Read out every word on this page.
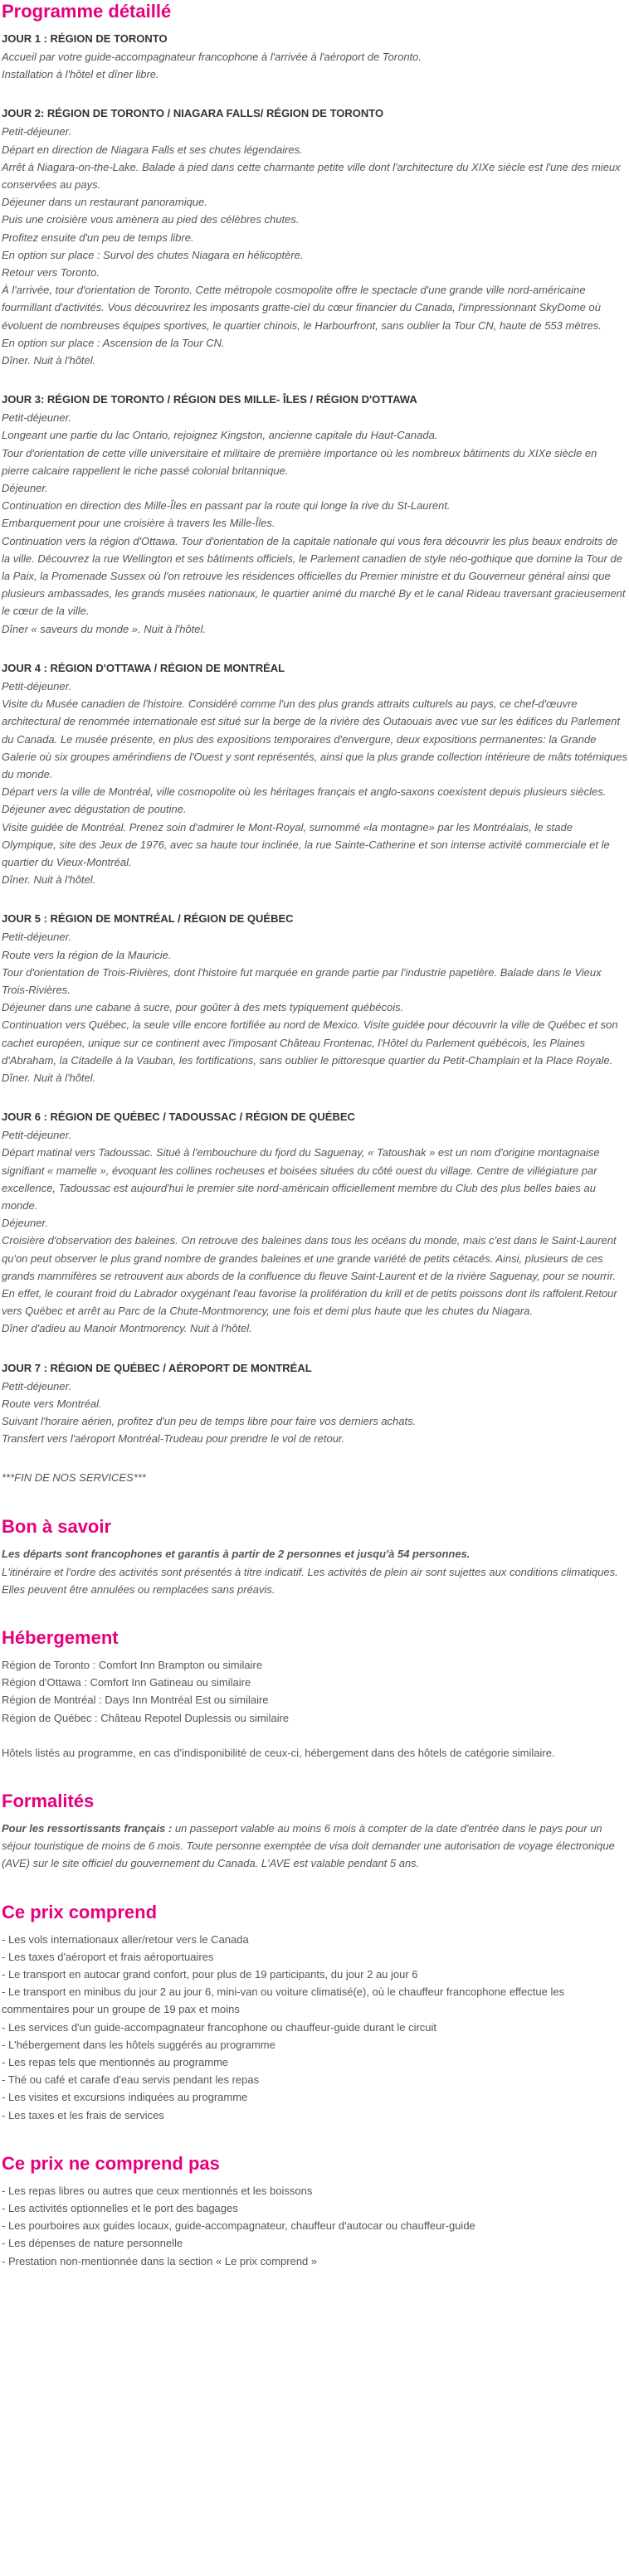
Programme détaillé
JOUR 1 : RÉGION DE TORONTO

Accueil par votre guide-accompagnateur francophone à l'arrivée à l'aéroport de Toronto.

Installation à l'hôtel et dîner libre.

JOUR 2: RÉGION DE TORONTO / NIAGARA FALLS/ RÉGION DE TORONTO

Petit-déjeuner.

Départ en direction de Niagara Falls et ses chutes légendaires.

Arrêt à Niagara-on-the-Lake. Balade à pied dans cette charmante petite ville dont l'architecture du XIXe siècle est l'une des mieux conservées au pays.

Déjeuner dans un restaurant panoramique.

Puis une croisière vous amènera au pied des célèbres chutes.

Profitez ensuite d'un peu de temps libre.

En option sur place : Survol des chutes Niagara en hélicoptère.

Retour vers Toronto.

À l'arrivée, tour d'orientation de Toronto. Cette métropole cosmopolite offre le spectacle d'une grande ville nord-américaine fourmillant d'activités. Vous découvrirez les imposants gratte-ciel du cœur financier du Canada, l'impressionnant SkyDome où évoluent de nombreuses équipes sportives, le quartier chinois, le Harbourfront, sans oublier la Tour CN, haute de 553 mètres.

En option sur place : Ascension de la Tour CN.

Dîner. Nuit à l'hôtel.

JOUR 3: RÉGION DE TORONTO / RÉGION DES MILLE- ÎLES / RÉGION D'OTTAWA

Petit-déjeuner.

Longeant une partie du lac Ontario, rejoignez Kingston, ancienne capitale du Haut-Canada.

Tour d'orientation de cette ville universitaire et militaire de première importance où les nombreux bâtiments du XIXe siècle en pierre calcaire rappellent le riche passé colonial britannique.

Déjeuner.

Continuation en direction des Mille-Îles en passant par la route qui longe la rive du St-Laurent.

Embarquement pour une croisière à travers les Mille-Îles.

Continuation vers la région d'Ottawa. Tour d'orientation de la capitale nationale qui vous fera découvrir les plus beaux endroits de la ville. Découvrez la rue Wellington et ses bâtiments officiels, le Parlement canadien de style néo-gothique que domine la Tour de la Paix, la Promenade Sussex où l'on retrouve les résidences officielles du Premier ministre et du Gouverneur général ainsi que plusieurs ambassades, les grands musées nationaux, le quartier animé du marché By et le canal Rideau traversant gracieusement le cœur de la ville.

Dîner « saveurs du monde ». Nuit à l'hôtel.

JOUR 4 : RÉGION D'OTTAWA / RÉGION DE MONTRÉAL

Petit-déjeuner.

Visite du Musée canadien de l'histoire. Considéré comme l'un des plus grands attraits culturels au pays, ce chef-d'œuvre architectural de renommée internationale est situé sur la berge de la rivière des Outaouais avec vue sur les édifices du Parlement du Canada. Le musée présente, en plus des expositions temporaires d'envergure, deux expositions permanentes: la Grande Galerie où six groupes amérindiens de l'Ouest y sont représentés, ainsi que la plus grande collection intérieure de mâts totémiques du monde.

Départ vers la ville de Montréal, ville cosmopolite où les héritages français et anglo-saxons coexistent depuis plusieurs siècles.

Déjeuner avec dégustation de poutine.

Visite guidée de Montréal. Prenez soin d'admirer le Mont-Royal, surnommé «la montagne» par les Montréalais, le stade Olympique, site des Jeux de 1976, avec sa haute tour inclinée, la rue Sainte-Catherine et son intense activité commerciale et le quartier du Vieux-Montréal.

Dîner. Nuit à l'hôtel.

JOUR 5 : RÉGION DE MONTRÉAL / RÉGION DE QUÉBEC

Petit-déjeuner.

Route vers la région de la Mauricie.

Tour d'orientation de Trois-Rivières, dont l'histoire fut marquée en grande partie par l'industrie papetière. Balade dans le Vieux Trois-Rivières.

Déjeuner dans une cabane à sucre, pour goûter à des mets typiquement québécois.

Continuation vers Québec, la seule ville encore fortifiée au nord de Mexico. Visite guidée pour découvrir la ville de Québec et son cachet européen, unique sur ce continent avec l'imposant Château Frontenac, l'Hôtel du Parlement québécois, les Plaines d'Abraham, la Citadelle à la Vauban, les fortifications, sans oublier le pittoresque quartier du Petit-Champlain et la Place Royale.

Dîner. Nuit à l'hôtel.

JOUR 6 : RÉGION DE QUÉBEC / TADOUSSAC / RÉGION DE QUÉBEC

Petit-déjeuner.

Départ matinal vers Tadoussac. Situé à l'embouchure du fjord du Saguenay, « Tatoushak » est un nom d'origine montagnaise signifiant « mamelle », évoquant les collines rocheuses et boisées situées du côté ouest du village. Centre de villégiature par excellence, Tadoussac est aujourd'hui le premier site nord-américain officiellement membre du Club des plus belles baies au monde.

Déjeuner.

Croisière d'observation des baleines. On retrouve des baleines dans tous les océans du monde, mais c'est dans le Saint-Laurent qu'on peut observer le plus grand nombre de grandes baleines et une grande variété de petits cétacés. Ainsi, plusieurs de ces grands mammifères se retrouvent aux abords de la confluence du fleuve Saint-Laurent et de la rivière Saguenay, pour se nourrir. En effet, le courant froid du Labrador oxygénant l'eau favorise la prolifération du krill et de petits poissons dont ils raffolent.Retour vers Québec et arrêt au Parc de la Chute-Montmorency, une fois et demi plus haute que les chutes du Niagara.

Dîner d'adieu au Manoir Montmorency. Nuit à l'hôtel.

JOUR 7 : RÉGION DE QUÉBEC / AÉROPORT DE MONTRÉAL

Petit-déjeuner.

Route vers Montréal.

Suivant l'horaire aérien, profitez d'un peu de temps libre pour faire vos derniers achats.

Transfert vers l'aéroport Montréal-Trudeau pour prendre le vol de retour.

***FIN DE NOS SERVICES***
Bon à savoir

Les départs sont francophones et garantis à partir de 2 personnes et jusqu'à 54 personnes.

L'itinéraire et l'ordre des activités sont présentés à titre indicatif. Les activités de plein air sont sujettes aux conditions climatiques. Elles peuvent être annulées ou remplacées sans préavis.

Hébergement

Région de Toronto : Comfort Inn Brampton ou similaire

Région d'Ottawa : Comfort Inn Gatineau ou similaire

Région de Montréal : Days Inn Montréal Est ou similaire

Région de Québec : Château Repotel Duplessis ou similaire

Hôtels listés au programme, en cas d'indisponibilité de ceux-ci, hébergement dans des hôtels de catégorie similaire.

Formalités

Pour les ressortissants français : un passeport valable au moins 6 mois à compter de la date d'entrée dans le pays pour un séjour touristique de moins de 6 mois. Toute personne exemptée de visa doit demander une autorisation de voyage électronique (AVE) sur le site officiel du gouvernement du Canada. L'AVE est valable pendant 5 ans.

Ce prix comprend
- Les vols internationaux aller/retour vers le Canada
- Les taxes d'aéroport et frais aéroportuaires
- Le transport en autocar grand confort, pour plus de 19 participants, du jour 2 au jour 6
- Le transport en minibus du jour 2 au jour 6, mini-van ou voiture climatisé(e), où le chauffeur francophone effectue les commentaires pour un groupe de 19 pax et moins
- Les services d'un guide-accompagnateur francophone ou chauffeur-guide durant le circuit
- L'hébergement dans les hôtels suggérés au programme
- Les repas tels que mentionnés au programme
- Thé ou café et carafe d'eau servis pendant les repas
- Les visites et excursions indiquées au programme
- Les taxes et les frais de services
Ce prix ne comprend pas
- Les repas libres ou autres que ceux mentionnés et les boissons
- Les activités optionnelles et le port des bagages
- Les pourboires aux guides locaux, guide-accompagnateur, chauffeur d'autocar ou chauffeur-guide
- Les dépenses de nature personnelle
- Prestation non-mentionnée dans la section « Le prix comprend »
